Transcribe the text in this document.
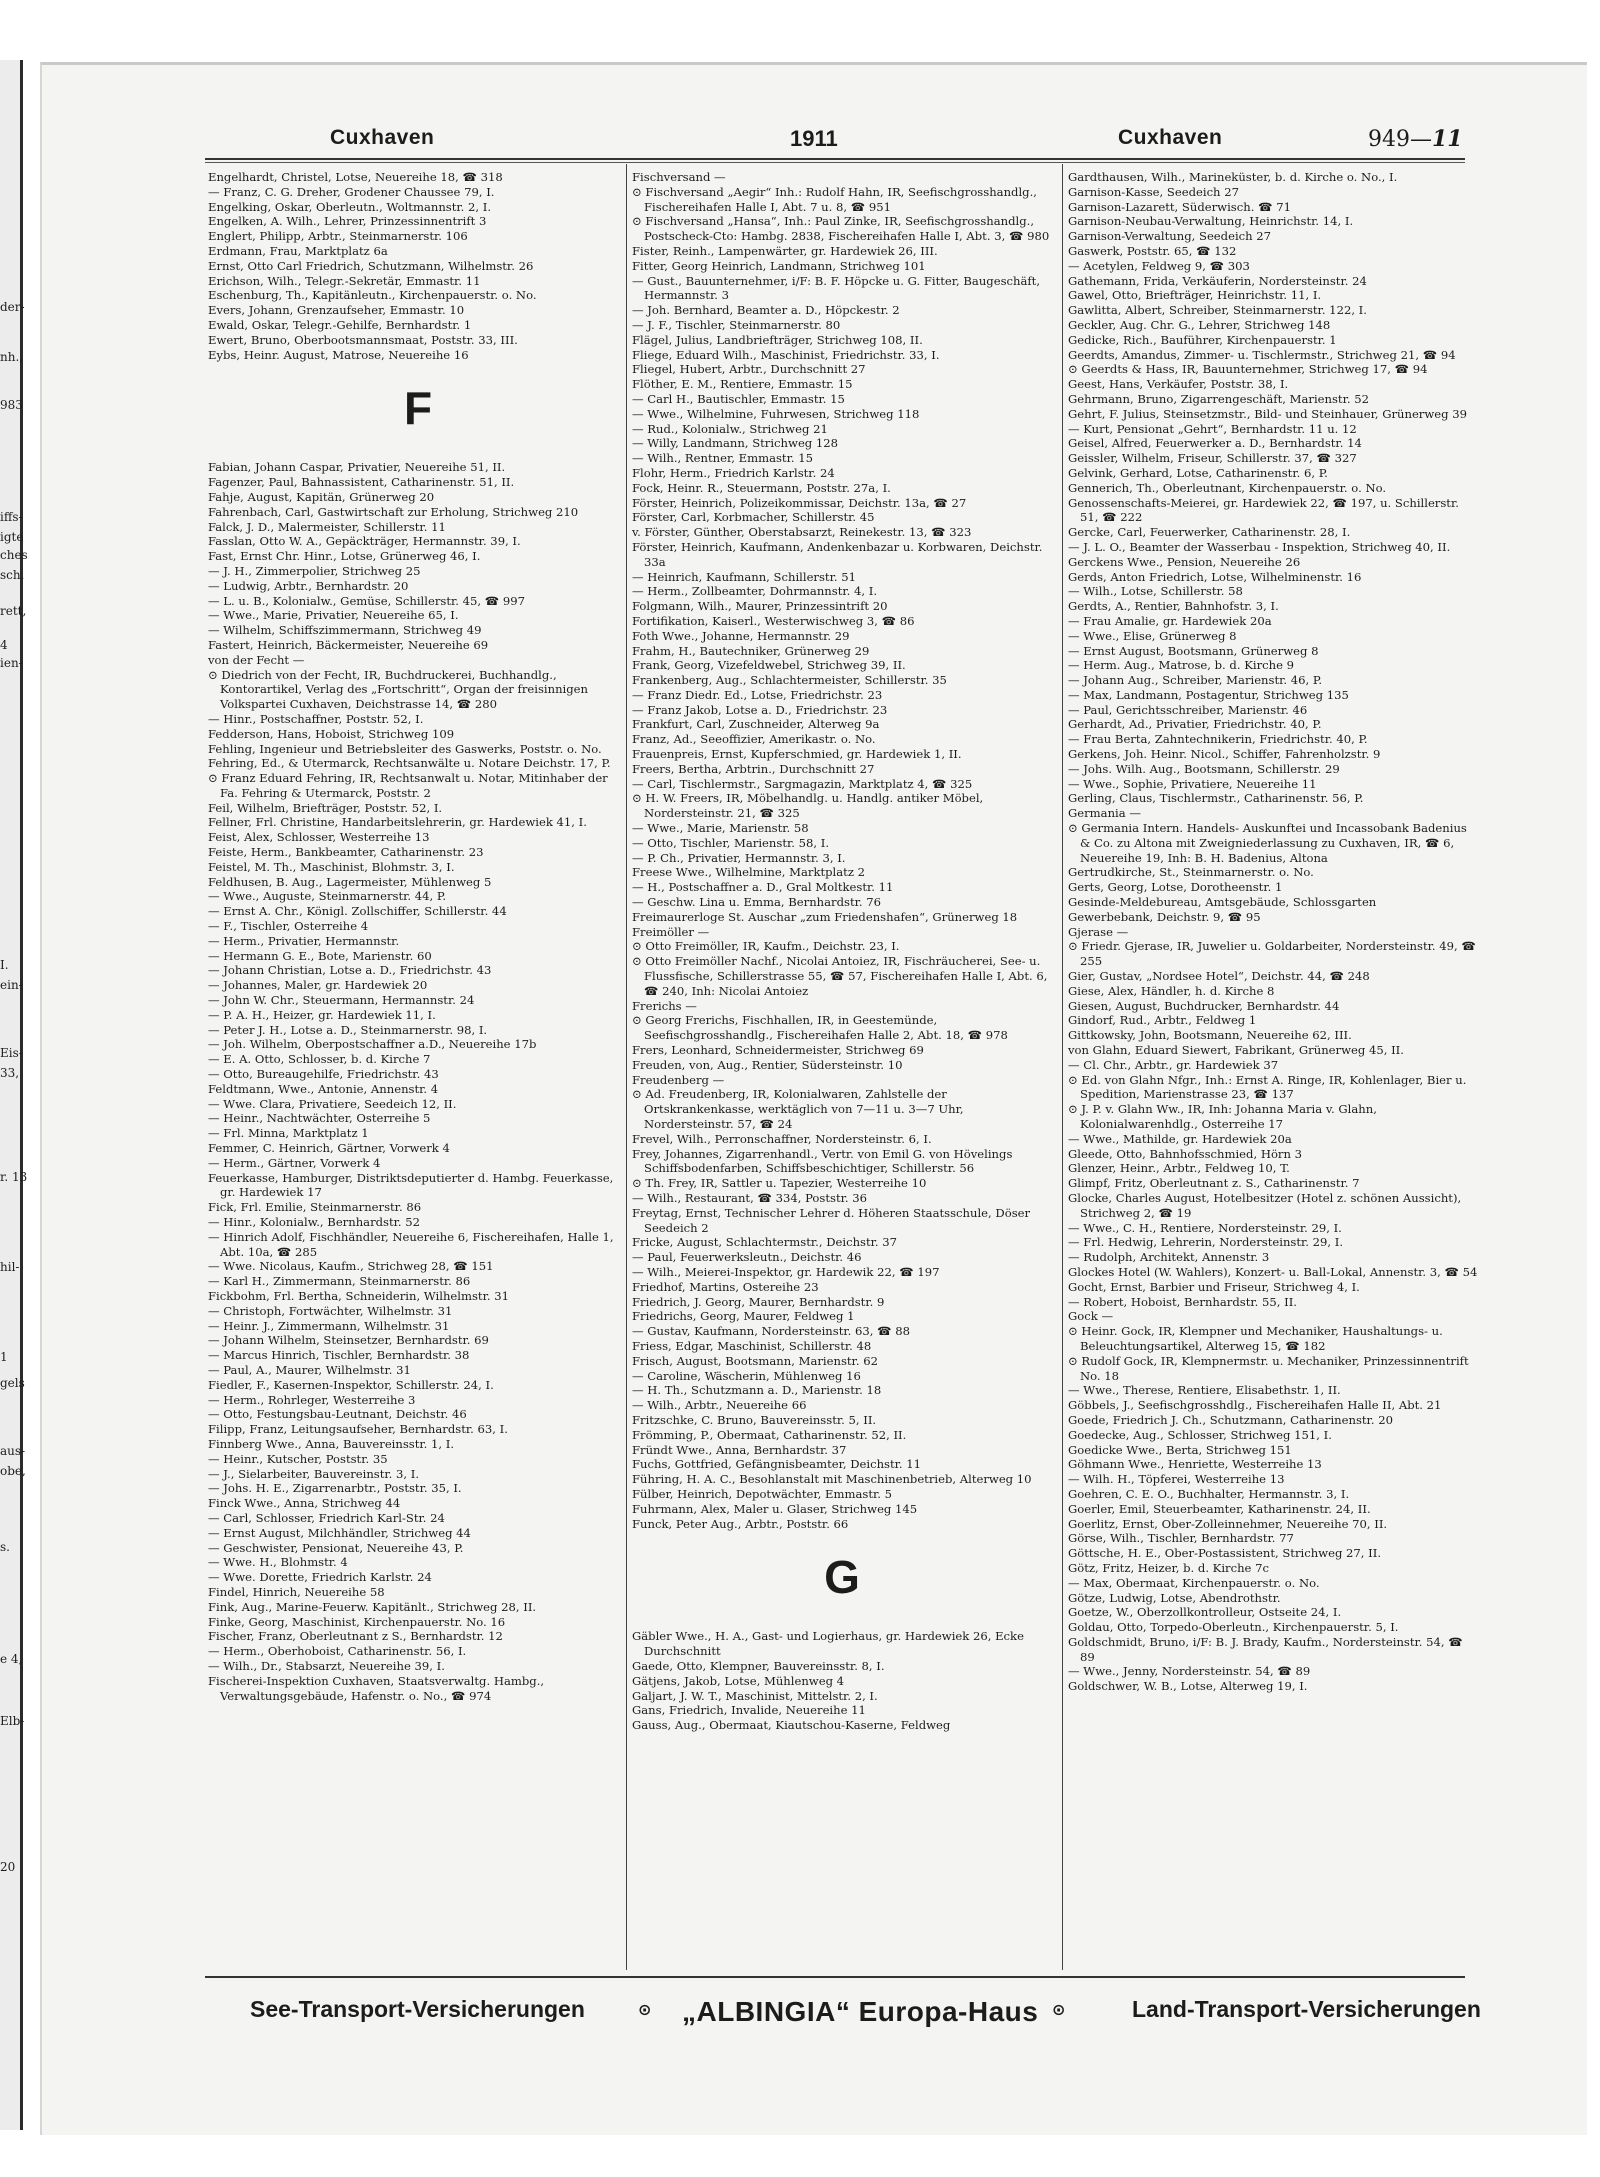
der-
nh.,
983
iffs-
igte
ches
sch.
rett,
4
ien-
I.
ein-
Eis-
33,
r. 13
hil-
1
gels
aus-
obe,
s.
e 4,
Elb-
20
Cuxhaven	1911	Cuxhaven	949—11
Engelhardt, Christel, Lotse, Neuereihe 18, ☎ 318
— Franz, C. G. Dreher, Grodener Chaussee 79, I.
Engelking, Oskar, Oberleutn., Woltmannstr. 2, I.
Engelken, A. Wilh., Lehrer, Prinzessinnentrift 3
Englert, Philipp, Arbtr., Steinmarnerstr. 106
Erdmann, Frau, Marktplatz 6a
Ernst, Otto Carl Friedrich, Schutzmann, Wilhelmstr. 26
Erichson, Wilh., Telegr.-Sekretär, Emmastr. 11
Eschenburg, Th., Kapitänleutn., Kirchenpauerstr. o. No.
Evers, Johann, Grenzaufseher, Emmastr. 10
Ewald, Oskar, Telegr.-Gehilfe, Bernhardstr. 1
Ewert, Bruno, Oberbootsmannsmaat, Poststr. 33, III.
Eybs, Heinr. August, Matrose, Neuereihe 16
F
Fabian, Johann Caspar, Privatier, Neuereihe 51, II.
Fagenzer, Paul, Bahnassistent, Catharinenstr. 51, II.
Fahje, August, Kapitän, Grünerweg 20
Fahrenbach, Carl, Gastwirtschaft zur Erholung, Strichweg 210
Falck, J. D., Malermeister, Schillerstr. 11
Fasslan, Otto W. A., Gepäckträger, Hermannstr. 39, I.
Fast, Ernst Chr. Hinr., Lotse, Grünerweg 46, I.
— J. H., Zimmerpolier, Strichweg 25
— Ludwig, Arbtr., Bernhardstr. 20
— L. u. B., Kolonialw., Gemüse, Schillerstr. 45, ☎ 997
— Wwe., Marie, Privatier, Neuereihe 65, I.
— Wilhelm, Schiffszimmermann, Strichweg 49
Fastert, Heinrich, Bäckermeister, Neuereihe 69
von der Fecht —
⊙ Diedrich von der Fecht, IR, Buchdruckerei, Buchhandlg., Kontorartikel, Verlag des „Fortschritt“, Organ der freisinnigen Volkspartei Cuxhaven, Deichstrasse 14, ☎ 280
— Hinr., Postschaffner, Poststr. 52, I.
Fedderson, Hans, Hoboist, Strichweg 109
Fehling, Ingenieur und Betriebsleiter des Gaswerks, Poststr. o. No.
Fehring, Ed., & Utermarck, Rechtsanwälte u. Notare Deichstr. 17, P.
⊙ Franz Eduard Fehring, IR, Rechtsanwalt u. Notar, Mitinhaber der Fa. Fehring & Utermarck, Poststr. 2
Feil, Wilhelm, Briefträger, Poststr. 52, I.
Fellner, Frl. Christine, Handarbeitslehrerin, gr. Hardewiek 41, I.
Feist, Alex, Schlosser, Westerreihe 13
Feiste, Herm., Bankbeamter, Catharinenstr. 23
Feistel, M. Th., Maschinist, Blohmstr. 3, I.
Feldhusen, B. Aug., Lagermeister, Mühlenweg 5
— Wwe., Auguste, Steinmarnerstr. 44, P.
— Ernst A. Chr., Königl. Zollschiffer, Schillerstr. 44
— F., Tischler, Osterreihe 4
— Herm., Privatier, Hermannstr.
— Hermann G. E., Bote, Marienstr. 60
— Johann Christian, Lotse a. D., Friedrichstr. 43
— Johannes, Maler, gr. Hardewiek 20
— John W. Chr., Steuermann, Hermannstr. 24
— P. A. H., Heizer, gr. Hardewiek 11, I.
— Peter J. H., Lotse a. D., Steinmarnerstr. 98, I.
— Joh. Wilhelm, Oberpostschaffner a.D., Neuereihe 17b
— E. A. Otto, Schlosser, b. d. Kirche 7
— Otto, Bureaugehilfe, Friedrichstr. 43
Feldtmann, Wwe., Antonie, Annenstr. 4
— Wwe. Clara, Privatiere, Seedeich 12, II.
— Heinr., Nachtwächter, Osterreihe 5
— Frl. Minna, Marktplatz 1
Femmer, C. Heinrich, Gärtner, Vorwerk 4
— Herm., Gärtner, Vorwerk 4
Feuerkasse, Hamburger, Distriktsdeputierter d. Hambg. Feuerkasse, gr. Hardewiek 17
Fick, Frl. Emilie, Steinmarnerstr. 86
— Hinr., Kolonialw., Bernhardstr. 52
— Hinrich Adolf, Fischhändler, Neuereihe 6, Fischereihafen, Halle 1, Abt. 10a, ☎ 285
— Wwe. Nicolaus, Kaufm., Strichweg 28, ☎ 151
— Karl H., Zimmermann, Steinmarnerstr. 86
Fickbohm, Frl. Bertha, Schneiderin, Wilhelmstr. 31
— Christoph, Fortwächter, Wilhelmstr. 31
— Heinr. J., Zimmermann, Wilhelmstr. 31
— Johann Wilhelm, Steinsetzer, Bernhardstr. 69
— Marcus Hinrich, Tischler, Bernhardstr. 38
— Paul, A., Maurer, Wilhelmstr. 31
Fiedler, F., Kasernen-Inspektor, Schillerstr. 24, I.
— Herm., Rohrleger, Westerreihe 3
— Otto, Festungsbau-Leutnant, Deichstr. 46
Filipp, Franz, Leitungsaufseher, Bernhardstr. 63, I.
Finnberg Wwe., Anna, Bauvereinsstr. 1, I.
— Heinr., Kutscher, Poststr. 35
— J., Sielarbeiter, Bauvereinstr. 3, I.
— Johs. H. E., Zigarrenarbtr., Poststr. 35, I.
Finck Wwe., Anna, Strichweg 44
— Carl, Schlosser, Friedrich Karl-Str. 24
— Ernst August, Milchhändler, Strichweg 44
— Geschwister, Pensionat, Neuereihe 43, P.
— Wwe. H., Blohmstr. 4
— Wwe. Dorette, Friedrich Karlstr. 24
Findel, Hinrich, Neuereihe 58
Fink, Aug., Marine-Feuerw. Kapitänlt., Strichweg 28, II.
Finke, Georg, Maschinist, Kirchenpauerstr. No. 16
Fischer, Franz, Oberleutnant z S., Bernhardstr. 12
— Herm., Oberhoboist, Catharinenstr. 56, I.
— Wilh., Dr., Stabsarzt, Neuereihe 39, I.
Fischerei-Inspektion Cuxhaven, Staatsverwaltg. Hambg., Verwaltungsgebäude, Hafenstr. o. No., ☎ 974
Fischversand —
⊙ Fischversand „Aegir“ Inh.: Rudolf Hahn, IR, Seefischgrosshandlg., Fischereihafen Halle I, Abt. 7 u. 8, ☎ 951
⊙ Fischversand „Hansa“, Inh.: Paul Zinke, IR, Seefischgrosshandlg., Postscheck-Cto: Hambg. 2838, Fischereihafen Halle I, Abt. 3, ☎ 980
Fister, Reinh., Lampenwärter, gr. Hardewiek 26, III.
Fitter, Georg Heinrich, Landmann, Strichweg 101
— Gust., Bauunternehmer, i/F: B. F. Höpcke u. G. Fitter, Baugeschäft, Hermannstr. 3
— Joh. Bernhard, Beamter a. D., Höpckestr. 2
— J. F., Tischler, Steinmarnerstr. 80
Flägel, Julius, Landbriefträger, Strichweg 108, II.
Fliege, Eduard Wilh., Maschinist, Friedrichstr. 33, I.
Fliegel, Hubert, Arbtr., Durchschnitt 27
Flöther, E. M., Rentiere, Emmastr. 15
— Carl H., Bautischler, Emmastr. 15
— Wwe., Wilhelmine, Fuhrwesen, Strichweg 118
— Rud., Kolonialw., Strichweg 21
— Willy, Landmann, Strichweg 128
— Wilh., Rentner, Emmastr. 15
Flohr, Herm., Friedrich Karlstr. 24
Fock, Heinr. R., Steuermann, Poststr. 27a, I.
Förster, Heinrich, Polizeikommissar, Deichstr. 13a, ☎ 27
Förster, Carl, Korbmacher, Schillerstr. 45
v. Förster, Günther, Oberstabsarzt, Reinekestr. 13, ☎ 323
Förster, Heinrich, Kaufmann, Andenkenbazar u. Korbwaren, Deichstr. 33a
— Heinrich, Kaufmann, Schillerstr. 51
— Herm., Zollbeamter, Dohrmannstr. 4, I.
Folgmann, Wilh., Maurer, Prinzessintrift 20
Fortifikation, Kaiserl., Westerwischweg 3, ☎ 86
Foth Wwe., Johanne, Hermannstr. 29
Frahm, H., Bautechniker, Grünerweg 29
Frank, Georg, Vizefeldwebel, Strichweg 39, II.
Frankenberg, Aug., Schlachtermeister, Schillerstr. 35
— Franz Diedr. Ed., Lotse, Friedrichstr. 23
— Franz Jakob, Lotse a. D., Friedrichstr. 23
Frankfurt, Carl, Zuschneider, Alterweg 9a
Franz, Ad., Seeoffizier, Amerikastr. o. No.
Frauenpreis, Ernst, Kupferschmied, gr. Hardewiek 1, II.
Freers, Bertha, Arbtrin., Durchschnitt 27
— Carl, Tischlermstr., Sargmagazin, Marktplatz 4, ☎ 325
⊙ H. W. Freers, IR, Möbelhandlg. u. Handlg. antiker Möbel, Nordersteinstr. 21, ☎ 325
— Wwe., Marie, Marienstr. 58
— Otto, Tischler, Marienstr. 58, I.
— P. Ch., Privatier, Hermannstr. 3, I.
Freese Wwe., Wilhelmine, Marktplatz 2
— H., Postschaffner a. D., Gral Moltkestr. 11
— Geschw. Lina u. Emma, Bernhardstr. 76
Freimaurerloge St. Auschar „zum Friedenshafen“, Grünerweg 18
Freimöller —
⊙ Otto Freimöller, IR, Kaufm., Deichstr. 23, I.
⊙ Otto Freimöller Nachf., Nicolai Antoiez, IR, Fischräucherei, See- u. Flussfische, Schillerstrasse 55, ☎ 57, Fischereihafen Halle I, Abt. 6, ☎ 240, Inh: Nicolai Antoiez
Frerichs —
⊙ Georg Frerichs, Fischhallen, IR, in Geestemünde, Seefischgrosshandlg., Fischereihafen Halle 2, Abt. 18, ☎ 978
Frers, Leonhard, Schneidermeister, Strichweg 69
Freuden, von, Aug., Rentier, Südersteinstr. 10
Freudenberg —
⊙ Ad. Freudenberg, IR, Kolonialwaren, Zahlstelle der Ortskrankenkasse, werktäglich von 7—11 u. 3—7 Uhr, Nordersteinstr. 57, ☎ 24
Frevel, Wilh., Perronschaffner, Nordersteinstr. 6, I.
Frey, Johannes, Zigarrenhandl., Vertr. von Emil G. von Hövelings Schiffsbodenfarben, Schiffsbeschichtiger, Schillerstr. 56
⊙ Th. Frey, IR, Sattler u. Tapezier, Westerreihe 10
— Wilh., Restaurant, ☎ 334, Poststr. 36
Freytag, Ernst, Technischer Lehrer d. Höheren Staatsschule, Döser Seedeich 2
Fricke, August, Schlachtermstr., Deichstr. 37
— Paul, Feuerwerksleutn., Deichstr. 46
— Wilh., Meierei-Inspektor, gr. Hardewik 22, ☎ 197
Friedhof, Martins, Ostereihe 23
Friedrich, J. Georg, Maurer, Bernhardstr. 9
Friedrichs, Georg, Maurer, Feldweg 1
— Gustav, Kaufmann, Nordersteinstr. 63, ☎ 88
Friess, Edgar, Maschinist, Schillerstr. 48
Frisch, August, Bootsmann, Marienstr. 62
— Caroline, Wäscherin, Mühlenweg 16
— H. Th., Schutzmann a. D., Marienstr. 18
— Wilh., Arbtr., Neuereihe 66
Fritzschke, C. Bruno, Bauvereinsstr. 5, II.
Frömming, P., Obermaat, Catharinenstr. 52, II.
Fründt Wwe., Anna, Bernhardstr. 37
Fuchs, Gottfried, Gefängnisbeamter, Deichstr. 11
Führing, H. A. C., Besohlanstalt mit Maschinenbetrieb, Alterweg 10
Fülber, Heinrich, Depotwächter, Emmastr. 5
Fuhrmann, Alex, Maler u. Glaser, Strichweg 145
Funck, Peter Aug., Arbtr., Poststr. 66
G
Gäbler Wwe., H. A., Gast- und Logierhaus, gr. Hardewiek 26, Ecke Durchschnitt
Gaede, Otto, Klempner, Bauvereinsstr. 8, I.
Gätjens, Jakob, Lotse, Mühlenweg 4
Galjart, J. W. T., Maschinist, Mittelstr. 2, I.
Gans, Friedrich, Invalide, Neuereihe 11
Gauss, Aug., Obermaat, Kiautschou-Kaserne, Feldweg
Gardthausen, Wilh., Marineküster, b. d. Kirche o. No., I.
Garnison-Kasse, Seedeich 27
Garnison-Lazarett, Süderwisch. ☎ 71
Garnison-Neubau-Verwaltung, Heinrichstr. 14, I.
Garnison-Verwaltung, Seedeich 27
Gaswerk, Poststr. 65, ☎ 132
— Acetylen, Feldweg 9, ☎ 303
Gathemann, Frida, Verkäuferin, Nordersteinstr. 24
Gawel, Otto, Briefträger, Heinrichstr. 11, I.
Gawlitta, Albert, Schreiber, Steinmarnerstr. 122, I.
Geckler, Aug. Chr. G., Lehrer, Strichweg 148
Gedicke, Rich., Bauführer, Kirchenpauerstr. 1
Geerdts, Amandus, Zimmer- u. Tischlermstr., Strichweg 21, ☎ 94
⊙ Geerdts & Hass, IR, Bauunternehmer, Strichweg 17, ☎ 94
Geest, Hans, Verkäufer, Poststr. 38, I.
Gehrmann, Bruno, Zigarrengeschäft, Marienstr. 52
Gehrt, F. Julius, Steinsetzmstr., Bild- und Steinhauer, Grünerweg 39
— Kurt, Pensionat „Gehrt“, Bernhardstr. 11 u. 12
Geisel, Alfred, Feuerwerker a. D., Bernhardstr. 14
Geissler, Wilhelm, Friseur, Schillerstr. 37, ☎ 327
Gelvink, Gerhard, Lotse, Catharinenstr. 6, P.
Gennerich, Th., Oberleutnant, Kirchenpauerstr. o. No.
Genossenschafts-Meierei, gr. Hardewiek 22, ☎ 197, u. Schillerstr. 51, ☎ 222
Gercke, Carl, Feuerwerker, Catharinenstr. 28, I.
— J. L. O., Beamter der Wasserbau - Inspektion, Strichweg 40, II.
Gerckens Wwe., Pension, Neuereihe 26
Gerds, Anton Friedrich, Lotse, Wilhelminenstr. 16
— Wilh., Lotse, Schillerstr. 58
Gerdts, A., Rentier, Bahnhofstr. 3, I.
— Frau Amalie, gr. Hardewiek 20a
— Wwe., Elise, Grünerweg 8
— Ernst August, Bootsmann, Grünerweg 8
— Herm. Aug., Matrose, b. d. Kirche 9
— Johann Aug., Schreiber, Marienstr. 46, P.
— Max, Landmann, Postagentur, Strichweg 135
— Paul, Gerichtsschreiber, Marienstr. 46
Gerhardt, Ad., Privatier, Friedrichstr. 40, P.
— Frau Berta, Zahntechnikerin, Friedrichstr. 40, P.
Gerkens, Joh. Heinr. Nicol., Schiffer, Fahrenholzstr. 9
— Johs. Wilh. Aug., Bootsmann, Schillerstr. 29
— Wwe., Sophie, Privatiere, Neuereihe 11
Gerling, Claus, Tischlermstr., Catharinenstr. 56, P.
Germania —
⊙ Germania Intern. Handels- Auskunftei und Incassobank Badenius & Co. zu Altona mit Zweigniederlassung zu Cuxhaven, IR, ☎ 6, Neuereihe 19, Inh: B. H. Badenius, Altona
Gertrudkirche, St., Steinmarnerstr. o. No.
Gerts, Georg, Lotse, Dorotheenstr. 1
Gesinde-Meldebureau, Amtsgebäude, Schlossgarten
Gewerbebank, Deichstr. 9, ☎ 95
Gjerase —
⊙ Friedr. Gjerase, IR, Juwelier u. Goldarbeiter, Nordersteinstr. 49, ☎ 255
Gier, Gustav, „Nordsee Hotel“, Deichstr. 44, ☎ 248
Giese, Alex, Händler, h. d. Kirche 8
Giesen, August, Buchdrucker, Bernhardstr. 44
Gindorf, Rud., Arbtr., Feldweg 1
Gittkowsky, John, Bootsmann, Neuereihe 62, III.
von Glahn, Eduard Siewert, Fabrikant, Grünerweg 45, II.
— Cl. Chr., Arbtr., gr. Hardewiek 37
⊙ Ed. von Glahn Nfgr., Inh.: Ernst A. Ringe, IR, Kohlenlager, Bier u. Spedition, Marienstrasse 23, ☎ 137
⊙ J. P. v. Glahn Ww., IR, Inh: Johanna Maria v. Glahn, Kolonialwarenhdlg., Osterreihe 17
— Wwe., Mathilde, gr. Hardewiek 20a
Gleede, Otto, Bahnhofsschmied, Hörn 3
Glenzer, Heinr., Arbtr., Feldweg 10, T.
Glimpf, Fritz, Oberleutnant z. S., Catharinenstr. 7
Glocke, Charles August, Hotelbesitzer (Hotel z. schönen Aussicht), Strichweg 2, ☎ 19
— Wwe., C. H., Rentiere, Nordersteinstr. 29, I.
— Frl. Hedwig, Lehrerin, Nordersteinstr. 29, I.
— Rudolph, Architekt, Annenstr. 3
Glockes Hotel (W. Wahlers), Konzert- u. Ball-Lokal, Annenstr. 3, ☎ 54
Gocht, Ernst, Barbier und Friseur, Strichweg 4, I.
— Robert, Hoboist, Bernhardstr. 55, II.
Gock —
⊙ Heinr. Gock, IR, Klempner und Mechaniker, Haushaltungs- u. Beleuchtungsartikel, Alterweg 15, ☎ 182
⊙ Rudolf Gock, IR, Klempnermstr. u. Mechaniker, Prinzessinnentrift No. 18
— Wwe., Therese, Rentiere, Elisabethstr. 1, II.
Göbbels, J., Seefischgrosshdlg., Fischereihafen Halle II, Abt. 21
Goede, Friedrich J. Ch., Schutzmann, Catharinenstr. 20
Goedecke, Aug., Schlosser, Strichweg 151, I.
Goedicke Wwe., Berta, Strichweg 151
Göhmann Wwe., Henriette, Westerreihe 13
— Wilh. H., Töpferei, Westerreihe 13
Goehren, C. E. O., Buchhalter, Hermannstr. 3, I.
Goerler, Emil, Steuerbeamter, Katharinenstr. 24, II.
Goerlitz, Ernst, Ober-Zolleinnehmer, Neuereihe 70, II.
Görse, Wilh., Tischler, Bernhardstr. 77
Göttsche, H. E., Ober-Postassistent, Strichweg 27, II.
Götz, Fritz, Heizer, b. d. Kirche 7c
— Max, Obermaat, Kirchenpauerstr. o. No.
Götze, Ludwig, Lotse, Abendrothstr.
Goetze, W., Oberzollkontrolleur, Ostseite 24, I.
Goldau, Otto, Torpedo-Oberleutn., Kirchenpauerstr. 5, I.
Goldschmidt, Bruno, i/F: B. J. Brady, Kaufm., Nordersteinstr. 54, ☎ 89
— Wwe., Jenny, Nordersteinstr. 54, ☎ 89
Goldschwer, W. B., Lotse, Alterweg 19, I.
See-Transport-Versicherungen	⊙ „ALBINGIA“ Europa-Haus ⊙	Land-Transport-Versicherungen
